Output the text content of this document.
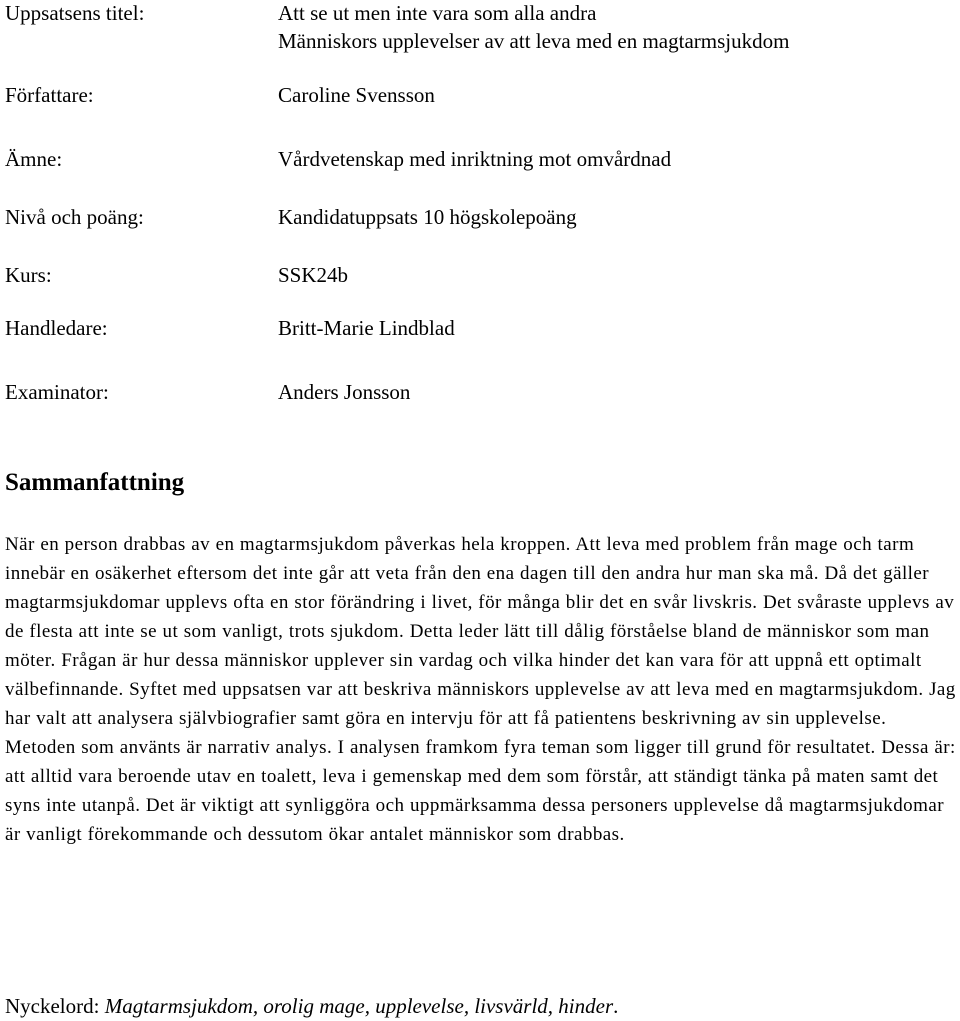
Uppsatsens titel:	Att se ut men inte vara som alla andra
Människors upplevelser av att leva med en magtarmsjukdom
Författare:	Caroline Svensson
Ämne:	Vårdvetenskap med inriktning mot omvårdnad
Nivå och poäng:	Kandidatuppsats 10 högskolepoäng
Kurs:	SSK24b
Handledare:	Britt-Marie Lindblad
Examinator:	Anders Jonsson
Sammanfattning

När en person drabbas av en magtarmsjukdom påverkas hela kroppen. Att leva med problem från mage och tarm innebär en osäkerhet eftersom det inte går att veta från den ena dagen till den andra hur man ska må. Då det gäller magtarmsjukdomar upplevs ofta en stor förändring i livet, för många blir det en svår livskris. Det svåraste upplevs av de flesta att inte se ut som vanligt, trots sjukdom. Detta leder lätt till dålig förståelse bland de människor som man möter. Frågan är hur dessa människor upplever sin vardag och vilka hinder det kan vara för att uppnå ett optimalt välbefinnande. Syftet med uppsatsen var att beskriva människors upplevelse av att leva med en magtarmsjukdom. Jag har valt att analysera självbiografier samt göra en intervju för att få patientens beskrivning av sin upplevelse. Metoden som använts är narrativ analys. I analysen framkom fyra teman som ligger till grund för resultatet. Dessa är: att alltid vara beroende utav en toalett, leva i gemenskap med dem som förstår, att ständigt tänka på maten samt det syns inte utanpå. Det är viktigt att synliggöra och uppmärksamma dessa personers upplevelse då magtarmsjukdomar är vanligt förekommande och dessutom ökar antalet människor som drabbas.

Nyckelord: Magtarmsjukdom, orolig mage, upplevelse, livsvärld, hinder.
